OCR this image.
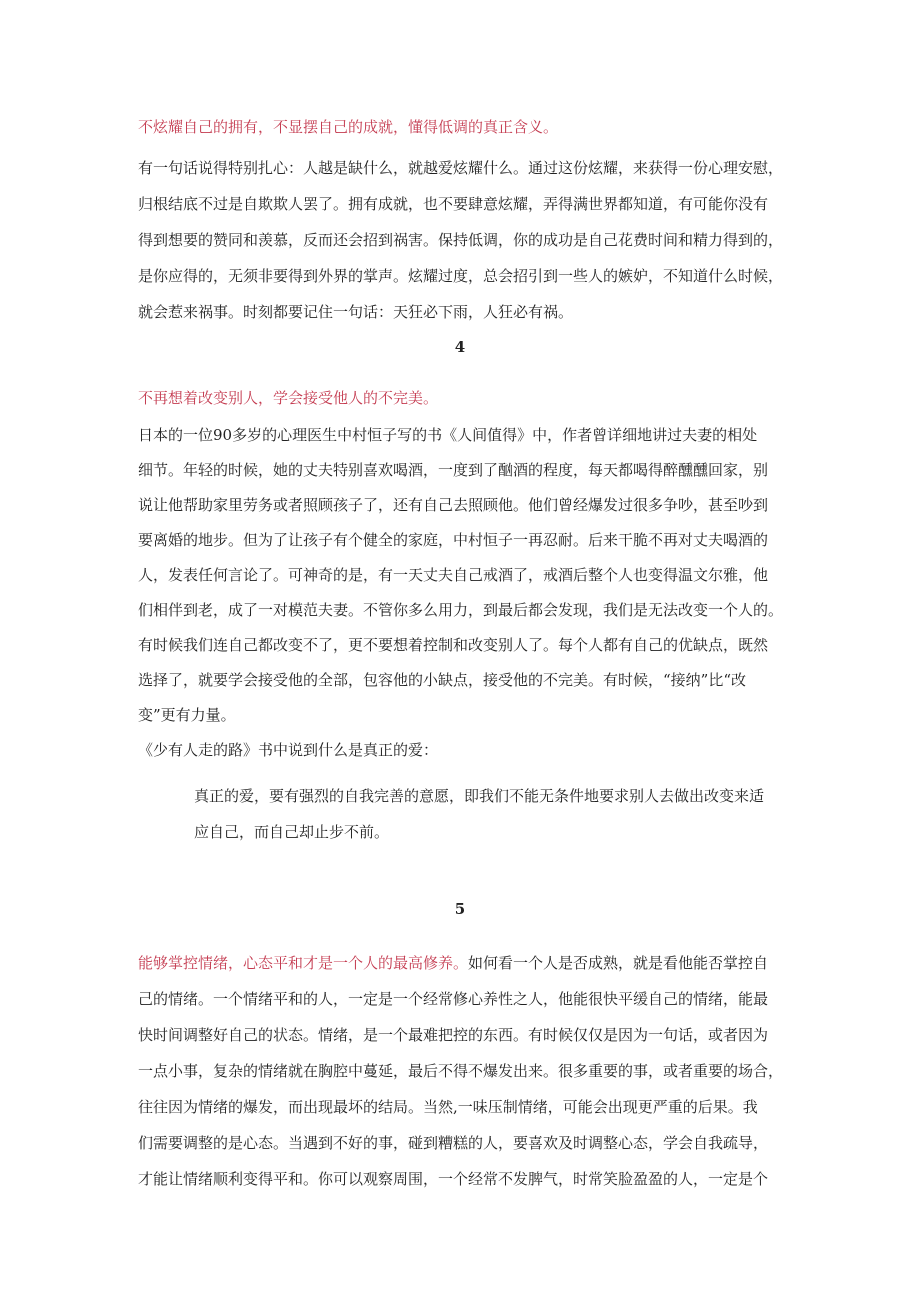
不炫耀自己的拥有，不显摆自己的成就，懂得低调的真正含义。

有一句话说得特别扎心：人越是缺什么，就越爱炫耀什么。通过这份炫耀，来获得一份心理安慰，

归根结底不过是自欺欺人罢了。拥有成就，也不要肆意炫耀，弄得满世界都知道，有可能你没有

得到想要的赞同和羡慕，反而还会招到祸害。保持低调，你的成功是自己花费时间和精力得到的，

是你应得的，无须非要得到外界的掌声。炫耀过度，总会招引到一些人的嫉妒，不知道什么时候，

就会惹来祸事。时刻都要记住一句话：天狂必下雨，人狂必有祸。

4

不再想着改变别人，学会接受他人的不完美。

日本的一位90多岁的心理医生中村恒子写的书《人间值得》中，作者曾详细地讲过夫妻的相处

细节。年轻的时候，她的丈夫特别喜欢喝酒，一度到了酗酒的程度，每天都喝得醉醺醺回家，别

说让他帮助家里劳务或者照顾孩子了，还有自己去照顾他。他们曾经爆发过很多争吵，甚至吵到

要离婚的地步。但为了让孩子有个健全的家庭，中村恒子一再忍耐。后来干脆不再对丈夫喝酒的

人，发表任何言论了。可神奇的是，有一天丈夫自己戒酒了，戒酒后整个人也变得温文尔雅，他

们相伴到老，成了一对模范夫妻。不管你多么用力，到最后都会发现，我们是无法改变一个人的。

有时候我们连自己都改变不了，更不要想着控制和改变别人了。每个人都有自己的优缺点，既然

选择了，就要学会接受他的全部，包容他的小缺点，接受他的不完美。有时候，“接纳”比“改

变”更有力量。

《少有人走的路》书中说到什么是真正的爱：

真正的爱，要有强烈的自我完善的意愿，即我们不能无条件地要求别人去做出改变来适

应自己，而自己却止步不前。

5

能够掌控情绪，心态平和才是一个人的最高修养。如何看一个人是否成熟，就是看他能否掌控自

己的情绪。一个情绪平和的人，一定是一个经常修心养性之人，他能很快平缓自己的情绪，能最

快时间调整好自己的状态。情绪，是一个最难把控的东西。有时候仅仅是因为一句话，或者因为

一点小事，复杂的情绪就在胸腔中蔓延，最后不得不爆发出来。很多重要的事，或者重要的场合，

往往因为情绪的爆发，而出现最坏的结局。当然,一味压制情绪，可能会出现更严重的后果。我

们需要调整的是心态。当遇到不好的事，碰到糟糕的人，要喜欢及时调整心态，学会自我疏导，

才能让情绪顺利变得平和。你可以观察周围，一个经常不发脾气，时常笑脸盈盈的人，一定是个
